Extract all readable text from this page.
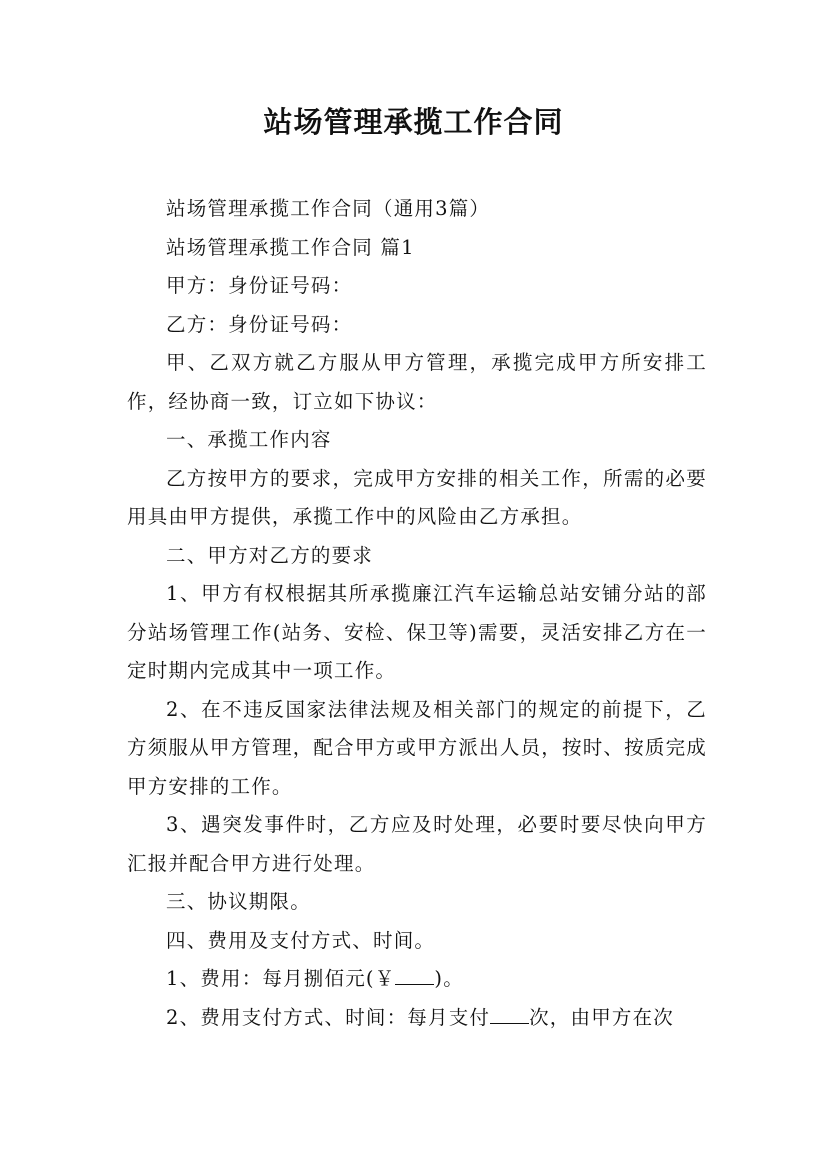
站场管理承揽工作合同

站场管理承揽工作合同（通用3篇）

站场管理承揽工作合同 篇1

甲方：身份证号码：

乙方：身份证号码：

甲、乙双方就乙方服从甲方管理，承揽完成甲方所安排工作，经协商一致，订立如下协议：

一、承揽工作内容

乙方按甲方的要求，完成甲方安排的相关工作，所需的必要用具由甲方提供，承揽工作中的风险由乙方承担。

二、甲方对乙方的要求

1、甲方有权根据其所承揽廉江汽车运输总站安铺分站的部分站场管理工作(站务、安检、保卫等)需要，灵活安排乙方在一定时期内完成其中一项工作。

2、在不违反国家法律法规及相关部门的规定的前提下，乙方须服从甲方管理，配合甲方或甲方派出人员，按时、按质完成甲方安排的工作。

3、遇突发事件时，乙方应及时处理，必要时要尽快向甲方汇报并配合甲方进行处理。

三、协议期限。

四、费用及支付方式、时间。

1、费用：每月捌佰元(￥ )。

2、费用支付方式、时间：每月支付 次，由甲方在次
